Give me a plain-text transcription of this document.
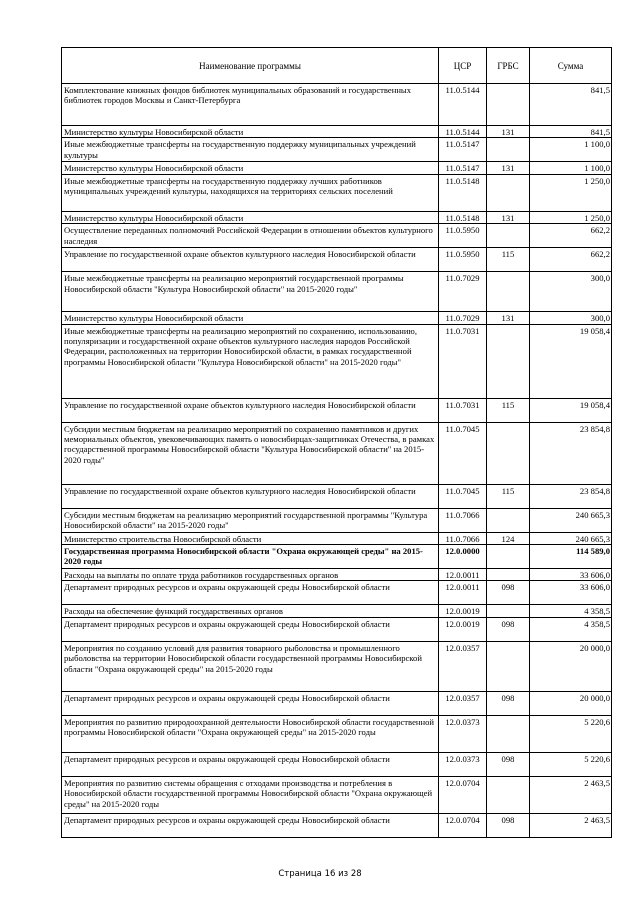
Наименование программы	ЦСР	ГРБС	Сумма
Комплектование книжных фондов библиотек муниципальных образований и государственных библиотек городов Москвы и Санкт-Петербурга	11.0.5144		841,5
Министерство культуры Новосибирской области	11.0.5144	131	841,5
Иные межбюджетные трансферты на государственную поддержку муниципальных учреждений культуры	11.0.5147		1 100,0
Министерство культуры Новосибирской области	11.0.5147	131	1 100,0
Иные межбюджетные трансферты на государственную поддержку лучших работников муниципальных учреждений культуры, находящихся на территориях сельских поселений	11.0.5148		1 250,0
Министерство культуры Новосибирской области	11.0.5148	131	1 250,0
Осуществление переданных полномочий Российской Федерации в отношении объектов культурного наследия	11.0.5950		662,2
Управление по государственной охране объектов культурного наследия Новосибирской области	11.0.5950	115	662,2
Иные межбюджетные трансферты на реализацию мероприятий государственной программы Новосибирской области "Культура Новосибирской области" на 2015-2020 годы"	11.0.7029		300,0
Министерство культуры Новосибирской области	11.0.7029	131	300,0
Иные межбюджетные трансферты на реализацию мероприятий по сохранению, использованию, популяризации и государственной охране объектов культурного наследия народов Российской Федерации, расположенных на территории Новосибирской области, в рамках государственной программы Новосибирской области "Культура Новосибирской области" на 2015-2020 годы"	11.0.7031		19 058,4
Управление по государственной охране объектов культурного наследия Новосибирской области	11.0.7031	115	19 058,4
Субсидии местным бюджетам на реализацию мероприятий по сохранению памятников и других мемориальных объектов, увековечивающих память о новосибирцах-защитниках Отечества, в рамках государственной программы Новосибирской области "Культура Новосибирской области" на 2015-2020 годы"	11.0.7045		23 854,8
Управление по государственной охране объектов культурного наследия Новосибирской области	11.0.7045	115	23 854,8
Субсидии местным бюджетам на реализацию мероприятий государственной программы "Культура Новосибирской области" на 2015-2020 годы"	11.0.7066		240 665,3
Министерство строительства Новосибирской области	11.0.7066	124	240 665,3
Государственная программа Новосибирской области "Охрана окружающей среды" на 2015-2020 годы	12.0.0000		114 589,0
Расходы на выплаты по оплате труда работников государственных органов	12.0.0011		33 606,0
Департамент природных ресурсов и охраны окружающей среды Новосибирской области	12.0.0011	098	33 606,0
Расходы на обеспечение функций государственных органов	12.0.0019		4 358,5
Департамент природных ресурсов и охраны окружающей среды Новосибирской области	12.0.0019	098	4 358,5
Мероприятия по созданию условий для развития товарного рыболовства и промышленного рыболовства на территории Новосибирской области государственной программы Новосибирской области "Охрана окружающей среды" на 2015-2020 годы	12.0.0357		20 000,0
Департамент природных ресурсов и охраны окружающей среды Новосибирской области	12.0.0357	098	20 000,0
Мероприятия по развитию природоохранной деятельности Новосибирской области государственной программы Новосибирской области "Охрана окружающей среды" на 2015-2020 годы	12.0.0373		5 220,6
Департамент природных ресурсов и охраны окружающей среды Новосибирской области	12.0.0373	098	5 220,6
Мероприятия по развитию системы обращения с отходами производства и потребления в Новосибирской области государственной программы Новосибирской области "Охрана окружающей среды" на 2015-2020 годы	12.0.0704		2 463,5
Департамент природных ресурсов и охраны окружающей среды Новосибирской области	12.0.0704	098	2 463,5
Страница 16 из 28
